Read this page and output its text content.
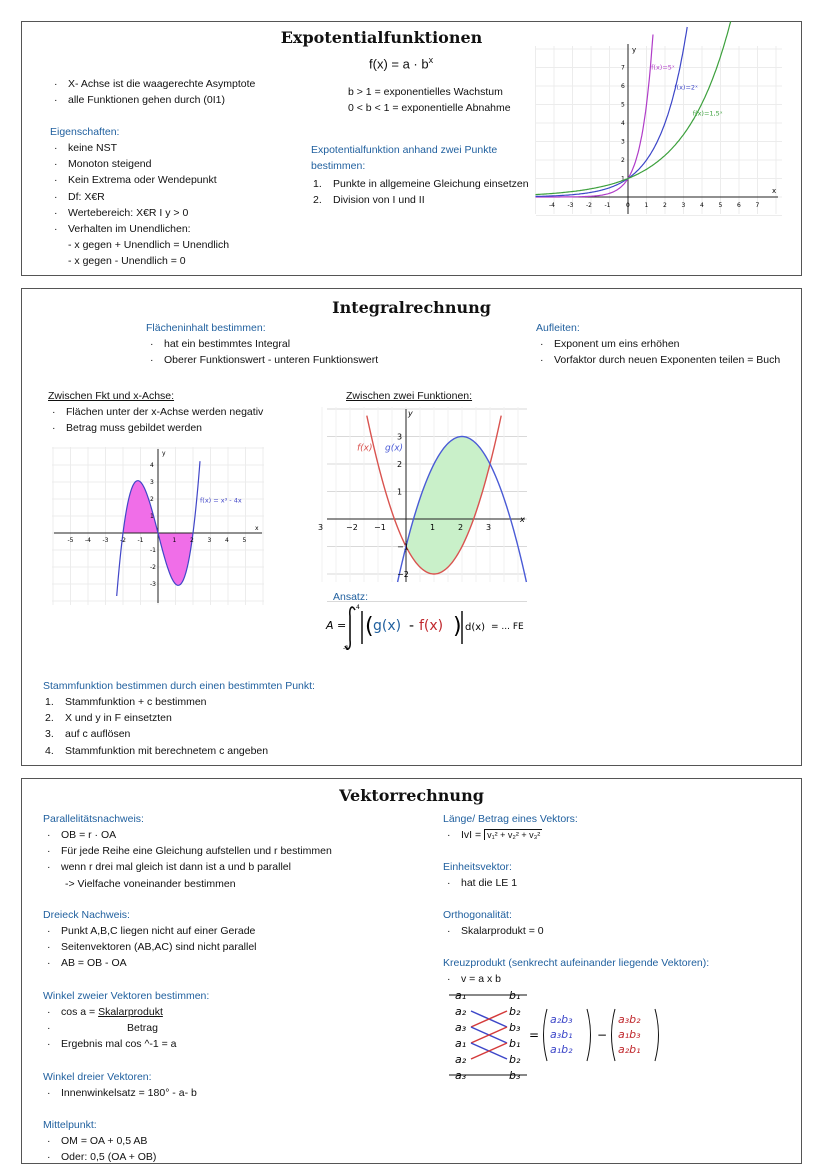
Expotentialfunktionen
$f(x) = a \cdot b^x$
· X- Achse ist die waagerechte Asymptote
· alle Funktionen gehen durch (0I1)
b > 1 = exponentielles Wachstum
0 < b < 1 = exponentielle Abnahme
Eigenschaften:
· keine NST
· Monoton steigend
· Kein Extrema oder Wendepunkt
· Df: X€R
· Wertebereich: X€R I y > 0
· Verhalten im Unendlichen:
- x gegen + Unendlich = Unendlich
- x gegen - Unendlich = 0
Expotentialfunktion anhand zwei Punkte
bestimmen:
1. Punkte in allgemeine Gleichung einsetzen
2. Division von I und II
y
x
-4 -3 -2 -1	0 1 2 3 4 5 6 7
1
2
3
4
5
6
7	f(x)=5ˣ
f(x)=2ˣ
f(x)=1,5ˣ
Integralrechnung
Flächeninhalt bestimmen:
· hat ein bestimmtes Integral
· Oberer Funktionswert - unteren Funktionswert
Aufleiten:
· Exponent um eins erhöhen
· Vorfaktor durch neuen Exponenten teilen = Buch
Zwischen Fkt und x-Achse:
· Flächen unter der x-Achse werden negativ
· Betrag muss gebildet werden
Zwischen zwei Funktionen:
y
x
-5 -4 -3 -2 -1	1 2 3 4 5
4
3
2
1
-1
-2
-3
f(x) = x³ - 4x
f(x) g(x)
3	−2 −1	1	2	3
3
2
1
−1
−2
x
y
Ansatz:
A =
4
-1
( g(x) - f(x) ) d(x) = ... FE
Stammfunktion bestimmen durch einen bestimmten Punkt:
1. Stammfunktion + c bestimmen
2. X und y in F einsetzten
3. auf c auflösen
4. Stammfunktion mit berechnetem c angeben
Vektorrechnung
Parallelitätsnachweis:
· OB = r · OA
· Für jede Reihe eine Gleichung aufstellen und r bestimmen
· wenn r drei mal gleich ist dann ist a und b parallel
-> Vielfache voneinander bestimmen
Dreieck Nachweis:
· Punkt A,B,C liegen nicht auf einer Gerade
· Seitenvektoren (AB,AC) sind nicht parallel
· AB = OB - OA
Winkel zweier Vektoren bestimmen:
· cos a = Skalarprodukt
· Betrag
· Ergebnis mal cos ^-1 = a
Winkel dreier Vektoren:
· Innenwinkelsatz = 180° - a- b
Mittelpunkt:
· OM = OA + 0,5 AB
· Oder: 0,5 (OA + OB)
Länge/ Betrag eines Vektors:
· IvI = v₁² + v₂² + v₃²
Einheitsvektor:
· hat die LE 1
Orthogonalität:
· Skalarprodukt = 0
Kreuzprodukt (senkrecht aufeinander liegende Vektoren):
· v = a x b
a₁
a₂
a₃
a₁
a₂
a₃
b₁
b₂
b₃
b₁
b₂
b₃
=
a₂b₃
a₃b₁
a₁b₂
−
a₃b₂
a₁b₃
a₂b₁
